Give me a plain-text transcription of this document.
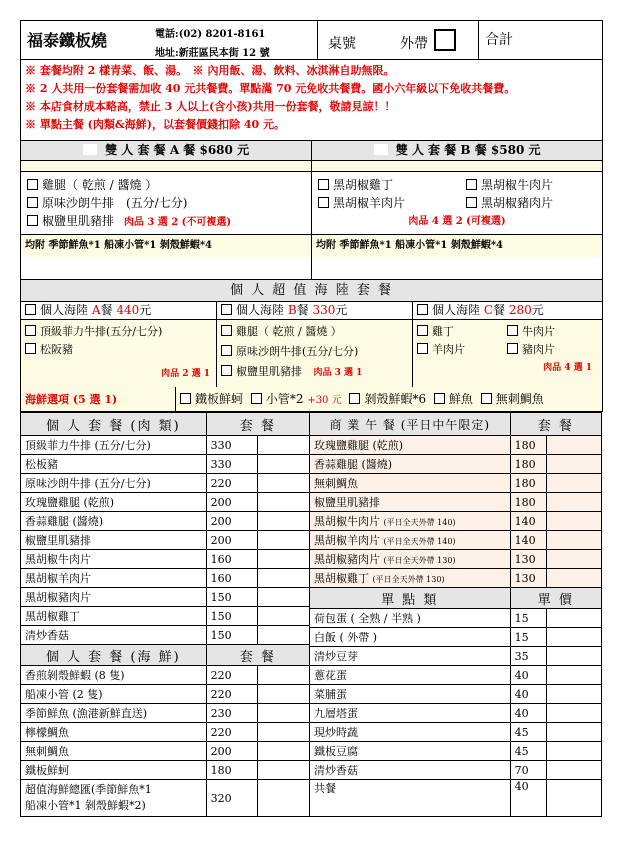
福泰鐵板燒	電話:(02) 8201-8161
地址:新莊區民本街 12 號
桌號	外帶	合計
※ 套餐均附 2 樣青菜、飯、湯。　※ 內用飯、湯、飲料、冰淇淋自助無限。
※ 2 人共用一份套餐需加收 40 元共餐費。單點滿 70 元免收共餐費。國小六年級以下免收共餐費。
※ 本店食材成本略高，禁止 3 人以上(含小孩)共用一份套餐，敬請見諒！！
※ 單點主餐 (肉類&海鮮)，以套餐價錢扣除 40 元。
雙 人 套 餐 A 餐 $680 元
雞腿（ 乾煎 / 醬燒 ）
原味沙朗牛排　(五分/七分)
椒鹽里肌豬排 肉品 3 選 2 (不可複選)
均附 季節鮮魚*1 船凍小管*1 剝殼鮮蝦*4
雙 人 套 餐 B 餐 $580 元
黑胡椒雞丁	黑胡椒牛肉片
黑胡椒羊肉片	黑胡椒豬肉片
肉品 4 選 2 (可複選)
均附 季節鮮魚*1 船凍小管*1 剝殼鮮蝦*4
個 人 超 值 海 陸 套 餐
個人海陸 A餐 440元
頂級菲力牛排(五分/七分)
松阪豬
肉品 2 選 1
個人海陸 B餐 330元
雞腿（ 乾煎 / 醬燒 ）
原味沙朗牛排(五分/七分)
椒鹽里肌豬排 肉品 3 選 1
個人海陸 C餐 280元
雞丁	牛肉片
羊肉片	豬肉片
肉品 4 選 1
海鮮選項 (5 選 1)	鐵板鮮蚵 小管*2 +30 元 剝殼鮮蝦*6 鮮魚 無刺鯛魚
個 人 套 餐 (肉 類)	套 餐	
頂級菲力牛排 (五分/七分)	330	
松板豬	330	
原味沙朗牛排 (五分/七分)	220	
玫瑰鹽雞腿 (乾煎)	200	
香蒜雞腿 (醬燒)	200	
椒鹽里肌豬排	200	
黑胡椒牛肉片	160	
黑胡椒羊肉片	160	
黑胡椒豬肉片	150	
黑胡椒雞丁	150	
清炒香菇	150	
個 人 套 餐 (海 鮮)	套 餐	
香煎剝殼鮮蝦 (8 隻)	220	
船凍小管 (2 隻)	220	
季節鮮魚 (漁港新鮮直送)	230	
檸檬鯛魚	220	
無刺鯛魚	200	
鐵板鮮蚵	180	

超值海鮮總匯(季節鮮魚*1
船凍小管*1 剝殼鮮蝦*2)	320	
商 業 午 餐 (平日中午限定)	套 餐	
玫瑰鹽雞腿 (乾煎)	180	
香蒜雞腿 (醬燒)	180	
無刺鯛魚	180	
椒鹽里肌豬排	180	
黑胡椒牛肉片 (平日全天外帶 140)	140	
黑胡椒羊肉片 (平日全天外帶 140)	140	
黑胡椒豬肉片 (平日全天外帶 130)	130	
黑胡椒雞丁 (平日全天外帶 130)	130	
單 點 類	單 價	
荷包蛋 ( 全熟 / 半熟 )	15	
白飯 ( 外帶 )	15	
清炒豆芽	35	
蔥花蛋	40	
菜脯蛋	40	
九層塔蛋	40	
現炒時蔬	45	
鐵板豆腐	45	
清炒香菇	70	
共餐	40	
